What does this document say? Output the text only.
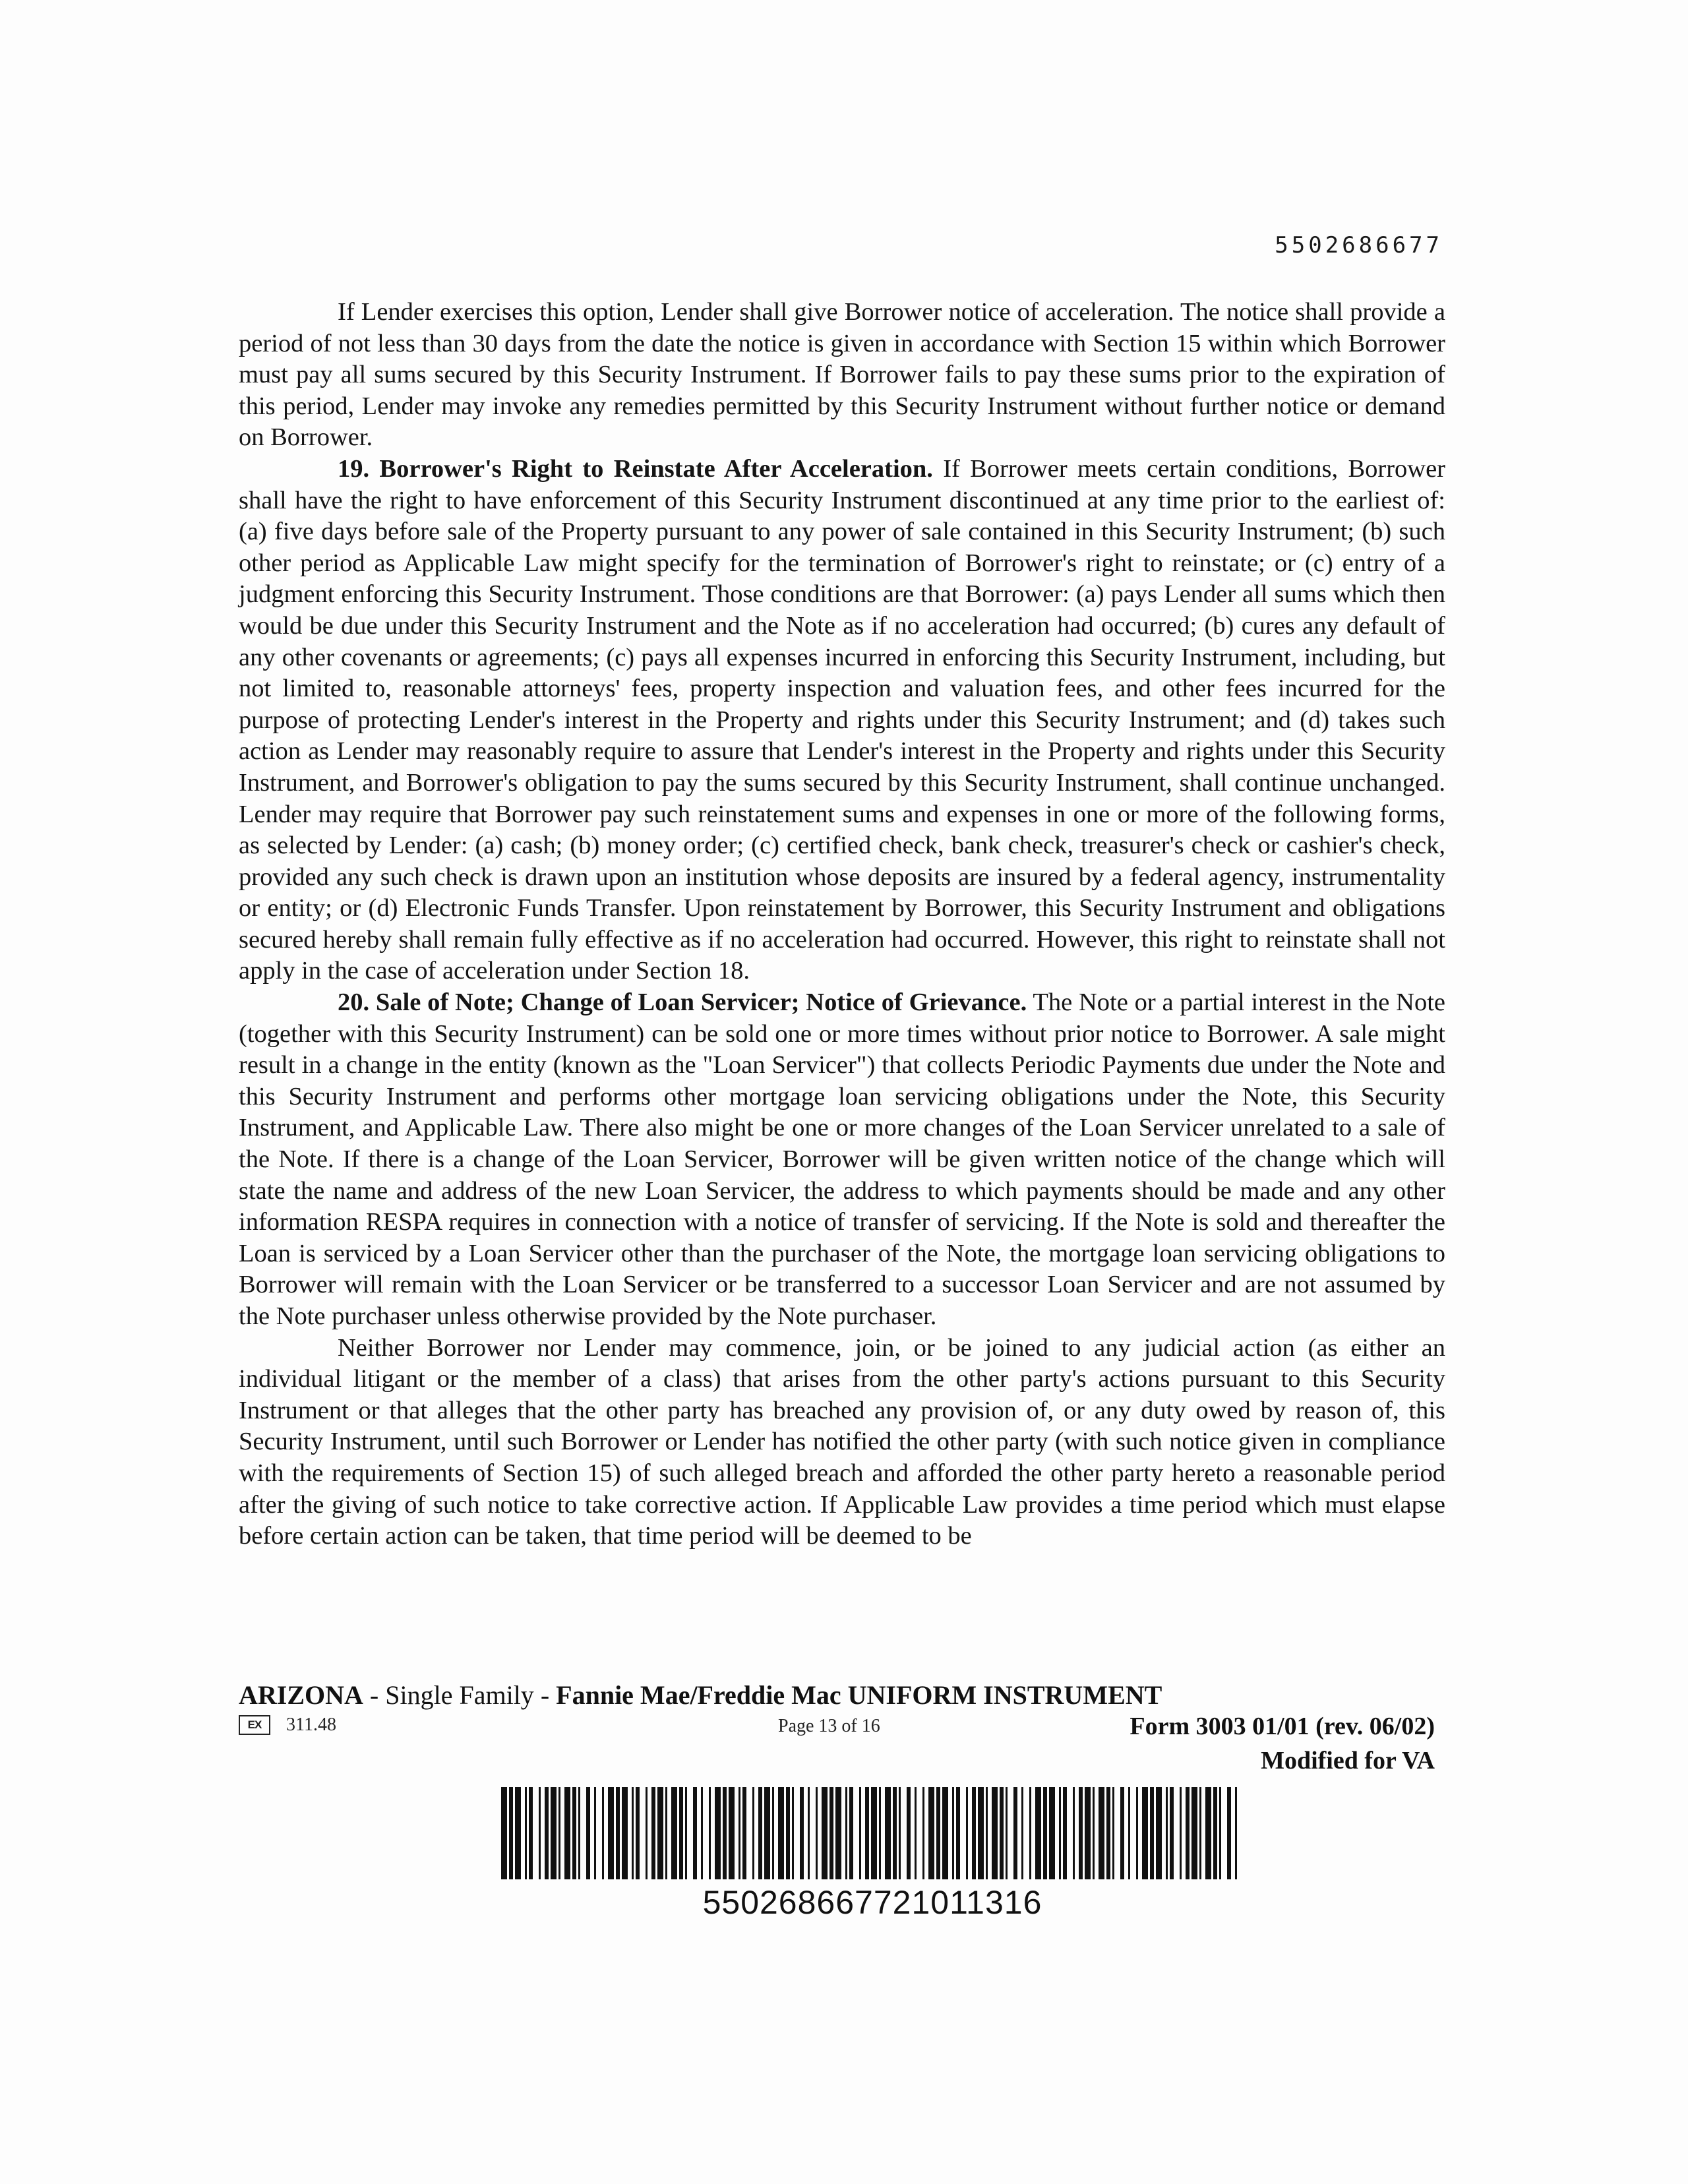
5502686677

If Lender exercises this option, Lender shall give Borrower notice of acceleration. The notice shall provide a period of not less than 30 days from the date the notice is given in accordance with Section 15 within which Borrower must pay all sums secured by this Security Instrument. If Borrower fails to pay these sums prior to the expiration of this period, Lender may invoke any remedies permitted by this Security Instrument without further notice or demand on Borrower.

19. Borrower's Right to Reinstate After Acceleration. If Borrower meets certain conditions, Borrower shall have the right to have enforcement of this Security Instrument discontinued at any time prior to the earliest of: (a) five days before sale of the Property pursuant to any power of sale contained in this Security Instrument; (b) such other period as Applicable Law might specify for the termination of Borrower's right to reinstate; or (c) entry of a judgment enforcing this Security Instrument. Those conditions are that Borrower: (a) pays Lender all sums which then would be due under this Security Instrument and the Note as if no acceleration had occurred; (b) cures any default of any other covenants or agreements; (c) pays all expenses incurred in enforcing this Security Instrument, including, but not limited to, reasonable attorneys' fees, property inspection and valuation fees, and other fees incurred for the purpose of protecting Lender's interest in the Property and rights under this Security Instrument; and (d) takes such action as Lender may reasonably require to assure that Lender's interest in the Property and rights under this Security Instrument, and Borrower's obligation to pay the sums secured by this Security Instrument, shall continue unchanged. Lender may require that Borrower pay such reinstatement sums and expenses in one or more of the following forms, as selected by Lender: (a) cash; (b) money order; (c) certified check, bank check, treasurer's check or cashier's check, provided any such check is drawn upon an institution whose deposits are insured by a federal agency, instrumentality or entity; or (d) Electronic Funds Transfer. Upon reinstatement by Borrower, this Security Instrument and obligations secured hereby shall remain fully effective as if no acceleration had occurred. However, this right to reinstate shall not apply in the case of acceleration under Section 18.

20. Sale of Note; Change of Loan Servicer; Notice of Grievance. The Note or a partial interest in the Note (together with this Security Instrument) can be sold one or more times without prior notice to Borrower. A sale might result in a change in the entity (known as the "Loan Servicer") that collects Periodic Payments due under the Note and this Security Instrument and performs other mortgage loan servicing obligations under the Note, this Security Instrument, and Applicable Law. There also might be one or more changes of the Loan Servicer unrelated to a sale of the Note. If there is a change of the Loan Servicer, Borrower will be given written notice of the change which will state the name and address of the new Loan Servicer, the address to which payments should be made and any other information RESPA requires in connection with a notice of transfer of servicing. If the Note is sold and thereafter the Loan is serviced by a Loan Servicer other than the purchaser of the Note, the mortgage loan servicing obligations to Borrower will remain with the Loan Servicer or be transferred to a successor Loan Servicer and are not assumed by the Note purchaser unless otherwise provided by the Note purchaser.

Neither Borrower nor Lender may commence, join, or be joined to any judicial action (as either an individual litigant or the member of a class) that arises from the other party's actions pursuant to this Security Instrument or that alleges that the other party has breached any provision of, or any duty owed by reason of, this Security Instrument, until such Borrower or Lender has notified the other party (with such notice given in compliance with the requirements of Section 15) of such alleged breach and afforded the other party hereto a reasonable period after the giving of such notice to take corrective action. If Applicable Law provides a time period which must elapse before certain action can be taken, that time period will be deemed to be

ARIZONA - Single Family - Fannie Mae/Freddie Mac UNIFORM INSTRUMENT
EX	311.48	Page 13 of 16	Form 3003 01/01 (rev. 06/02)
Modified for VA
550268667721011316
